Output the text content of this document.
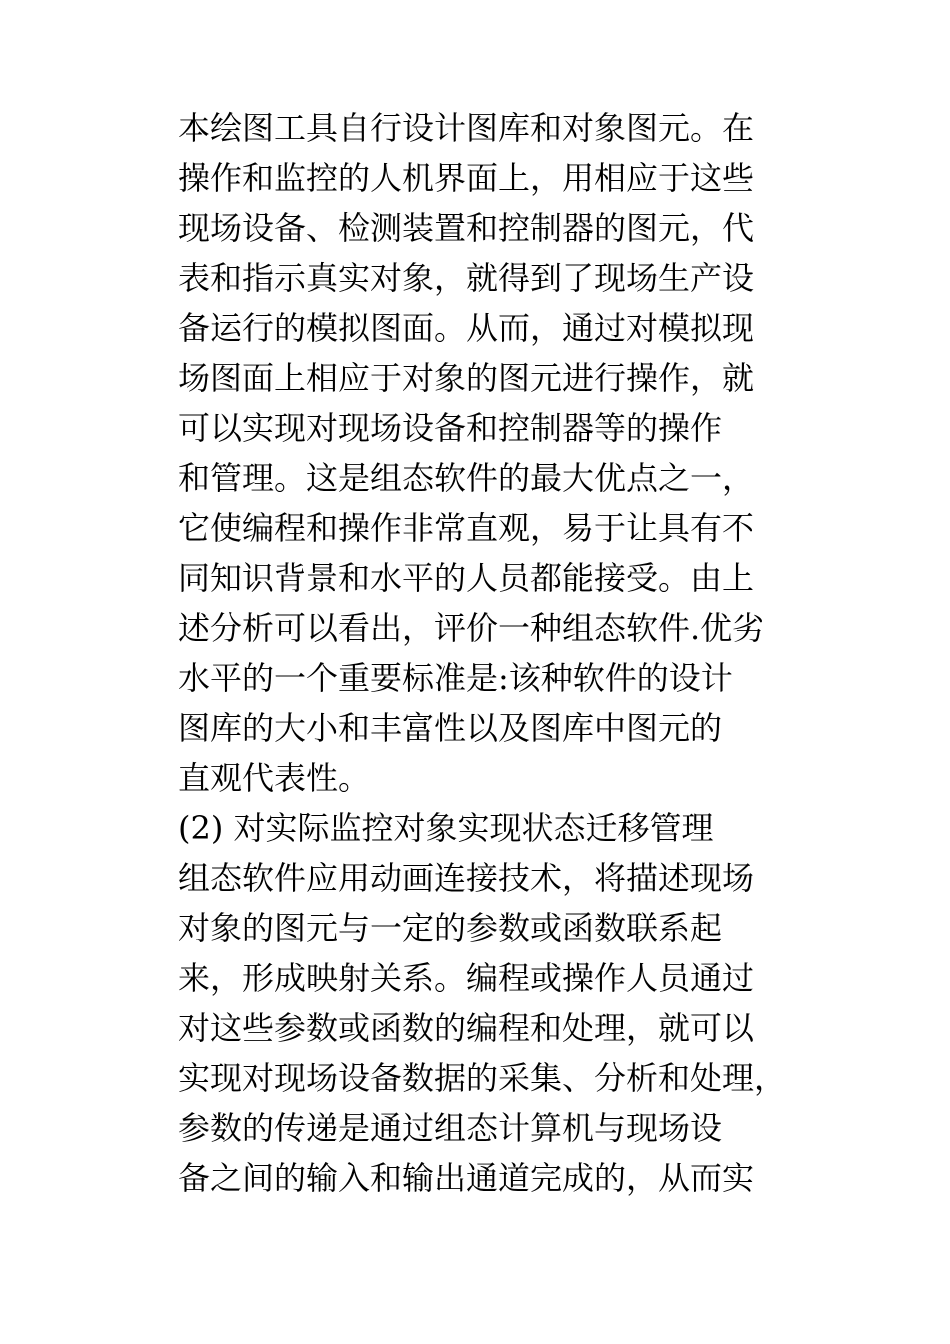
本绘图工具自行设计图库和对象图元。在
操作和监控的人机界面上，用相应于这些
现场设备、检测装置和控制器的图元，代
表和指示真实对象，就得到了现场生产设
备运行的模拟图面。从而，通过对模拟现
场图面上相应于对象的图元进行操作，就
可以实现对现场设备和控制器等的操作
和管理。这是组态软件的最大优点之一，
它使编程和操作非常直观，易于让具有不
同知识背景和水平的人员都能接受。由上
述分析可以看出，评价一种组态软件.优劣
水平的一个重要标准是:该种软件的设计
图库的大小和丰富性以及图库中图元的
直观代表性。
(2) 对实际监控对象实现状态迁移管理
组态软件应用动画连接技术，将描述现场
对象的图元与一定的参数或函数联系起
来，形成映射关系。编程或操作人员通过
对这些参数或函数的编程和处理，就可以
实现对现场设备数据的采集、分析和处理，
参数的传递是通过组态计算机与现场设
备之间的输入和输出通道完成的，从而实
